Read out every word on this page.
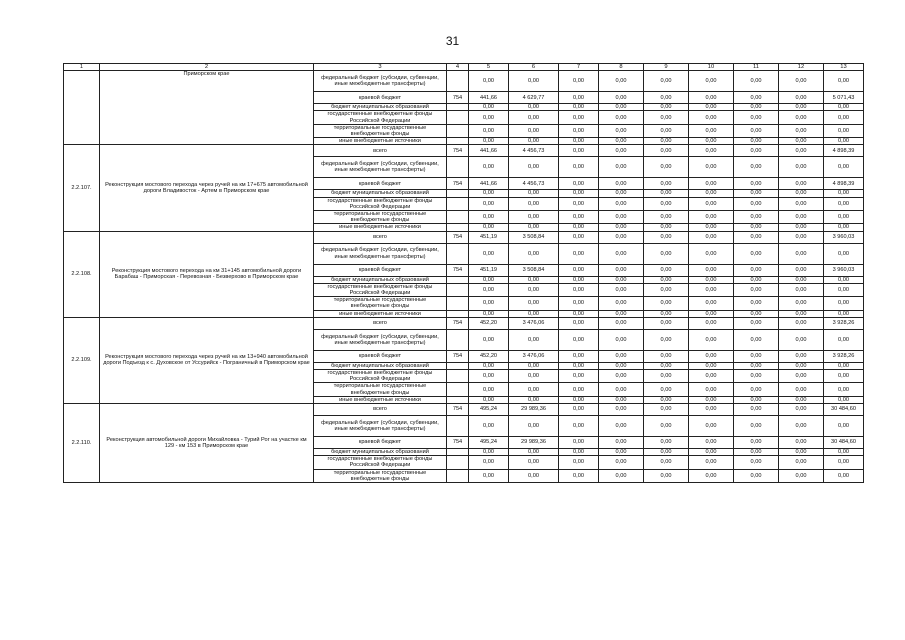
31
1	2	3	4	5	6	7	8	9	10	11	12	13
	Приморском крае	федеральный бюджет (субсидии, субвенции, иные межбюджетные трансферты)		0,00	0,00	0,00	0,00	0,00	0,00	0,00	0,00	0,00
		краевой бюджет	754	441,66	4 629,77	0,00	0,00	0,00	0,00	0,00	0,00	5 071,43
		бюджет муниципальных образований		0,00	0,00	0,00	0,00	0,00	0,00	0,00	0,00	0,00
		государственные внебюджетные фонды Российской Федерации		0,00	0,00	0,00	0,00	0,00	0,00	0,00	0,00	0,00
		территориальные государственные внебюджетные фонды		0,00	0,00	0,00	0,00	0,00	0,00	0,00	0,00	0,00
		иные внебюджетные источники		0,00	0,00	0,00	0,00	0,00	0,00	0,00	0,00	0,00
2.2.107.	Реконструкция мостового перехода через ручей на км 17+675 автомобильной дороги Владивосток - Артем в Приморском крае	всего	754	441,66	4 456,73	0,00	0,00	0,00	0,00	0,00	0,00	4 898,39
		федеральный бюджет (субсидии, субвенции, иные межбюджетные трансферты)		0,00	0,00	0,00	0,00	0,00	0,00	0,00	0,00	0,00
		краевой бюджет	754	441,66	4 456,73	0,00	0,00	0,00	0,00	0,00	0,00	4 898,39
		бюджет муниципальных образований		0,00	0,00	0,00	0,00	0,00	0,00	0,00	0,00	0,00
		государственные внебюджетные фонды Российской Федерации		0,00	0,00	0,00	0,00	0,00	0,00	0,00	0,00	0,00
		территориальные государственные внебюджетные фонды		0,00	0,00	0,00	0,00	0,00	0,00	0,00	0,00	0,00
		иные внебюджетные источники		0,00	0,00	0,00	0,00	0,00	0,00	0,00	0,00	0,00
2.2.108.	Реконструкция мостового перехода на км 31+145 автомобильной дороги Барабаш - Приморская - Перевозная - Безверхово в Приморском крае	всего	754	451,19	3 508,84	0,00	0,00	0,00	0,00	0,00	0,00	3 960,03
		федеральный бюджет (субсидии, субвенции, иные межбюджетные трансферты)		0,00	0,00	0,00	0,00	0,00	0,00	0,00	0,00	0,00
		краевой бюджет	754	451,19	3 508,84	0,00	0,00	0,00	0,00	0,00	0,00	3 960,03
		бюджет муниципальных образований		0,00	0,00	0,00	0,00	0,00	0,00	0,00	0,00	0,00
		государственные внебюджетные фонды Российской Федерации		0,00	0,00	0,00	0,00	0,00	0,00	0,00	0,00	0,00
		территориальные государственные внебюджетные фонды		0,00	0,00	0,00	0,00	0,00	0,00	0,00	0,00	0,00
		иные внебюджетные источники		0,00	0,00	0,00	0,00	0,00	0,00	0,00	0,00	0,00
2.2.109.	Реконструкция мостового перехода через ручей на км 13+940 автомобильной дороги Подъезд к с. Духовское от Уссурийск - Пограничный в Приморском крае	всего	754	452,20	3 476,06	0,00	0,00	0,00	0,00	0,00	0,00	3 928,26
		федеральный бюджет (субсидии, субвенции, иные межбюджетные трансферты)		0,00	0,00	0,00	0,00	0,00	0,00	0,00	0,00	0,00
		краевой бюджет	754	452,20	3 476,06	0,00	0,00	0,00	0,00	0,00	0,00	3 928,26
		бюджет муниципальных образований		0,00	0,00	0,00	0,00	0,00	0,00	0,00	0,00	0,00
		государственные внебюджетные фонды Российской Федерации		0,00	0,00	0,00	0,00	0,00	0,00	0,00	0,00	0,00
		территориальные государственные внебюджетные фонды		0,00	0,00	0,00	0,00	0,00	0,00	0,00	0,00	0,00
		иные внебюджетные источники		0,00	0,00	0,00	0,00	0,00	0,00	0,00	0,00	0,00
2.2.110.	Реконструкция автомобильной дороги Михайловка - Турий Рог на участке км 129 - км 153 в Приморском крае	всего	754	495,24	29 989,36	0,00	0,00	0,00	0,00	0,00	0,00	30 484,60
		федеральный бюджет (субсидии, субвенции, иные межбюджетные трансферты)		0,00	0,00	0,00	0,00	0,00	0,00	0,00	0,00	0,00
		краевой бюджет	754	495,24	29 989,36	0,00	0,00	0,00	0,00	0,00	0,00	30 484,60
		бюджет муниципальных образований		0,00	0,00	0,00	0,00	0,00	0,00	0,00	0,00	0,00
		государственные внебюджетные фонды Российской Федерации		0,00	0,00	0,00	0,00	0,00	0,00	0,00	0,00	0,00
		территориальные государственные внебюджетные фонды		0,00	0,00	0,00	0,00	0,00	0,00	0,00	0,00	0,00
